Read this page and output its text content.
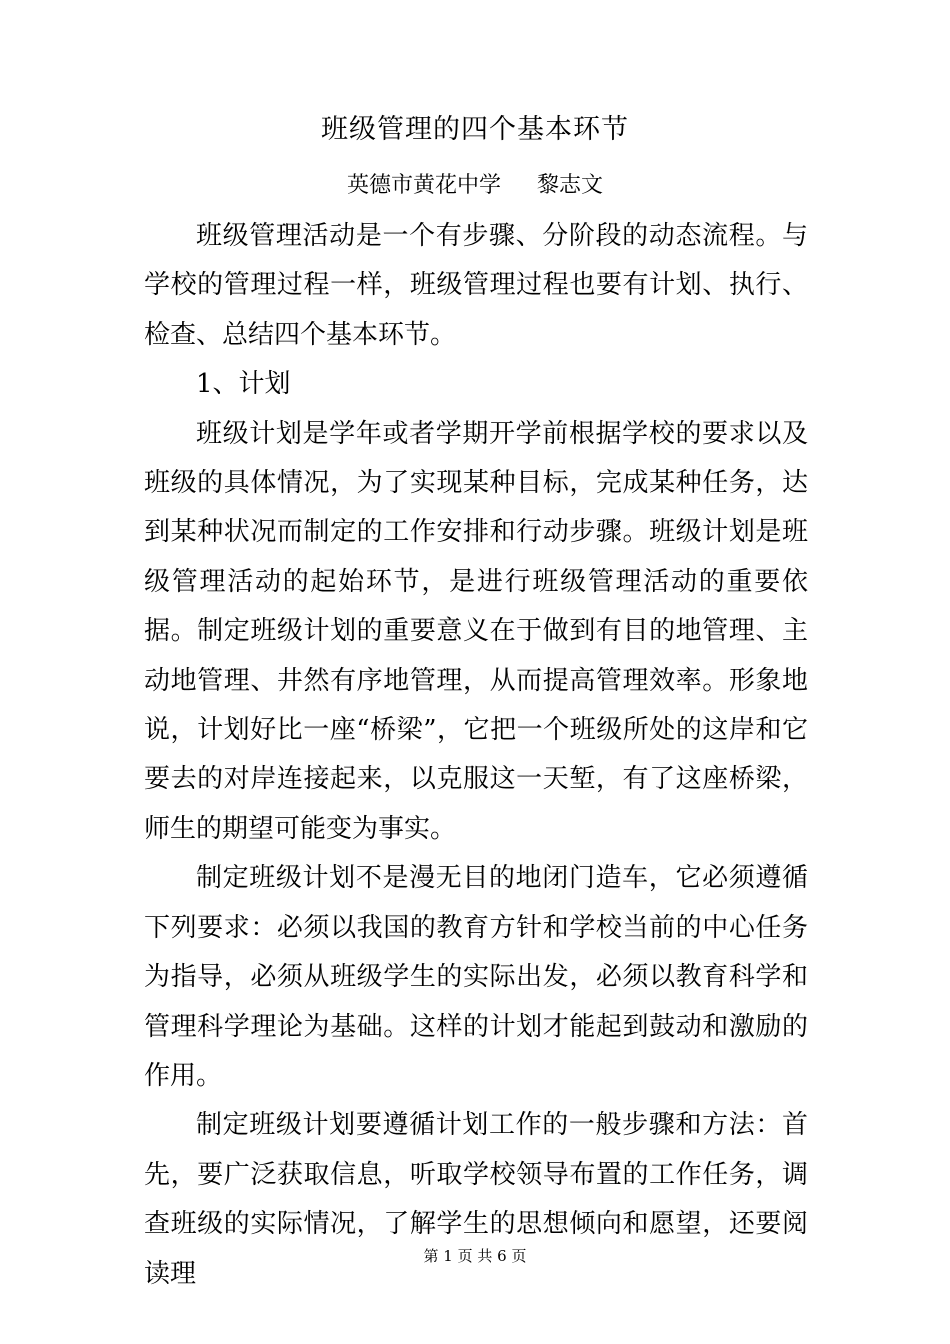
班级管理的四个基本环节
英德市黄花中学 黎志文

班级管理活动是一个有步骤、分阶段的动态流程。与学校的管理过程一样，班级管理过程也要有计划、执行、检查、总结四个基本环节。

1、计划

班级计划是学年或者学期开学前根据学校的要求以及班级的具体情况，为了实现某种目标，完成某种任务，达到某种状况而制定的工作安排和行动步骤。班级计划是班级管理活动的起始环节，是进行班级管理活动的重要依据。制定班级计划的重要意义在于做到有目的地管理、主动地管理、井然有序地管理，从而提高管理效率。形象地说，计划好比一座“桥梁”，它把一个班级所处的这岸和它要去的对岸连接起来，以克服这一天堑，有了这座桥梁，师生的期望可能变为事实。

制定班级计划不是漫无目的地闭门造车，它必须遵循下列要求：必须以我国的教育方针和学校当前的中心任务为指导，必须从班级学生的实际出发，必须以教育科学和管理科学理论为基础。这样的计划才能起到鼓动和激励的作用。

制定班级计划要遵循计划工作的一般步骤和方法：首先，要广泛获取信息，听取学校领导布置的工作任务，调查班级的实际情况，了解学生的思想倾向和愿望，还要阅读理

第 1 页 共 6 页
